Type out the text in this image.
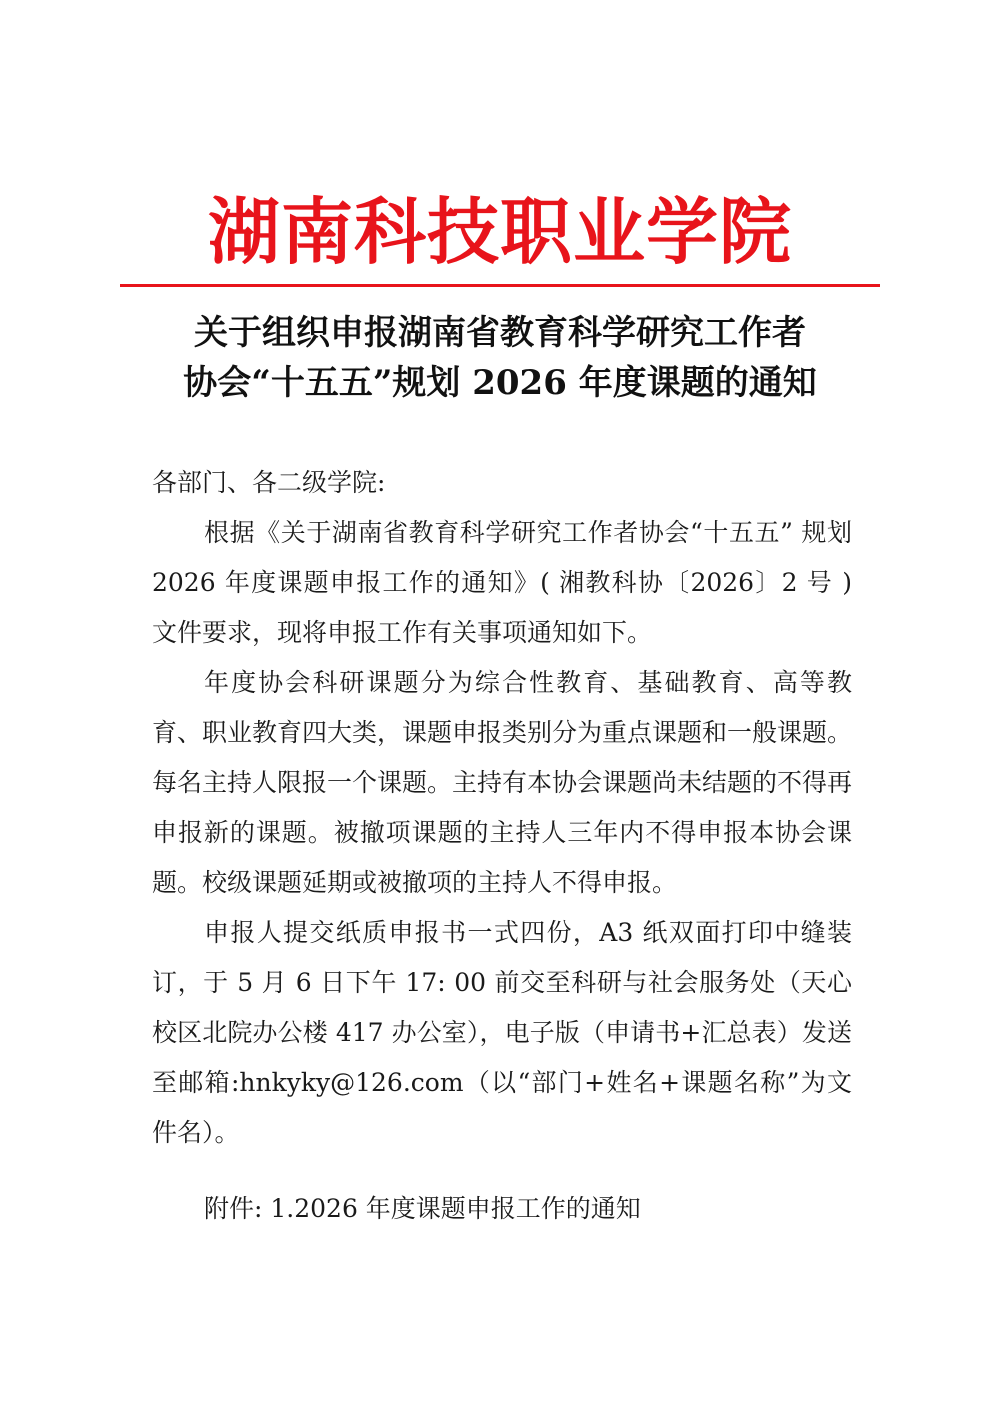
湖南科技职业学院
关于组织申报湖南省教育科学研究工作者
协会“十五五”规划 2026 年度课题的通知

各部门、各二级学院:

根据《关于湖南省教育科学研究工作者协会“十五五” 规划 2026 年度课题申报工作的通知》( 湘教科协〔2026〕2 号 ) 文件要求，现将申报工作有关事项通知如下。

年度协会科研课题分为综合性教育、基础教育、高等教育、职业教育四大类，课题申报类别分为重点课题和一般课题。每名主持人限报一个课题。主持有本协会课题尚未结题的不得再申报新的课题。被撤项课题的主持人三年内不得申报本协会课题。校级课题延期或被撤项的主持人不得申报。

申报人提交纸质申报书一式四份，A3 纸双面打印中缝装订，于 5 月 6 日下午 17: 00 前交至科研与社会服务处（天心校区北院办公楼 417 办公室），电子版（申请书+汇总表）发送至邮箱:hnkyky@126.com（以“部门+姓名+课题名称”为文件名）。

附件: 1.2026 年度课题申报工作的通知
